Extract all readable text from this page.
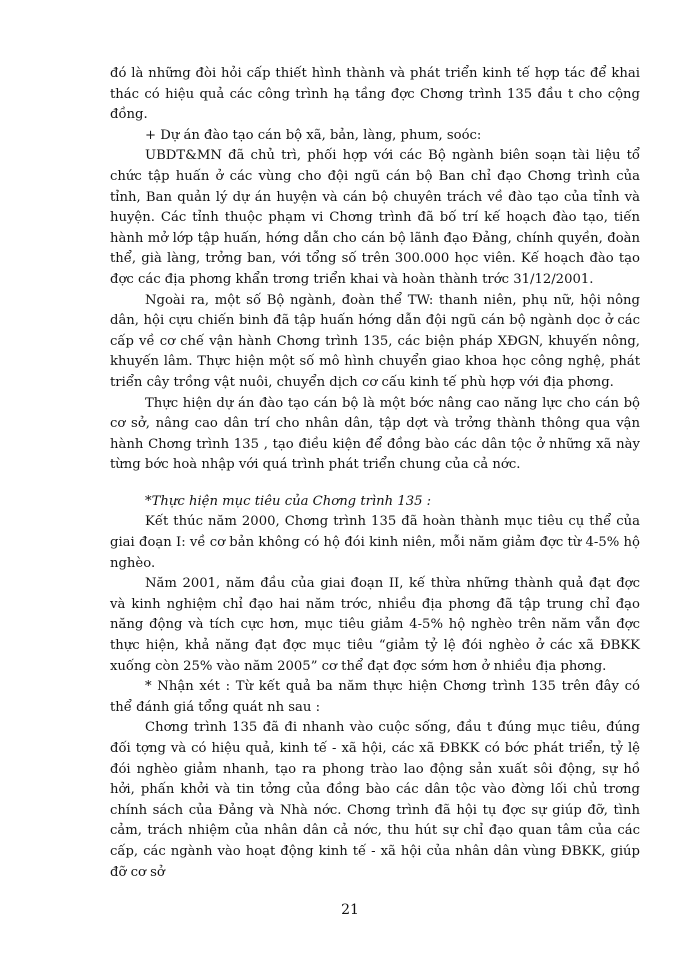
đó là những đòi hỏi cấp thiết hình thành và phát triển kinh tế hợp tác để khai thác có hiệu quả các công trình hạ tầng đợc Chơng trình 135 đầu t cho cộng đồng.

+ Dự án đào tạo cán bộ xã, bản, làng, phum, soóc:

UBDT&MN đã chủ trì, phối hợp với các Bộ ngành biên soạn tài liệu tổ chức tập huấn ở các vùng cho đội ngũ cán bộ Ban chỉ đạo Chơng trình của tỉnh, Ban quản lý dự án huyện và cán bộ chuyên trách về đào tạo của tỉnh và huyện. Các tỉnh thuộc phạm vi Chơng trình đã bố trí kế hoạch đào tạo, tiến hành mở lớp tập huấn, hớng dẫn cho cán bộ lãnh đạo Đảng, chính quyền, đoàn thể, già làng, trởng ban, với tổng số trên 300.000 học viên. Kế hoạch đào tạo đợc các địa phơng khẩn trơng triển khai và hoàn thành trớc 31/12/2001.

Ngoài ra, một số Bộ ngành, đoàn thể TW: thanh niên, phụ nữ, hội nông dân, hội cựu chiến binh đã tập huấn hớng dẫn đội ngũ cán bộ ngành dọc ở các cấp về cơ chế vận hành Chơng trình 135, các biện pháp XĐGN, khuyến nông, khuyến lâm. Thực hiện một số mô hình chuyển giao khoa học công nghệ, phát triển cây trồng vật nuôi, chuyển dịch cơ cấu kinh tế phù hợp với địa phơng.

Thực hiện dự án đào tạo cán bộ là một bớc nâng cao năng lực cho cán bộ cơ sở, nâng cao dân trí cho nhân dân, tập dợt và trởng thành thông qua vận hành Chơng trình 135 , tạo điều kiện để đồng bào các dân tộc ở những xã này từng bớc hoà nhập với quá trình phát triển chung của cả nớc.

*Thực hiện mục tiêu của Chơng trình 135 :

Kết thúc năm 2000, Chơng trình 135 đã hoàn thành mục tiêu cụ thể của giai đoạn I: về cơ bản không có hộ đói kinh niên, mỗi năm giảm đợc từ 4-5% hộ nghèo.

Năm 2001, năm đầu của giai đoạn II, kế thừa những thành quả đạt đợc và kinh nghiệm chỉ đạo hai năm trớc, nhiều địa phơng đã tập trung chỉ đạo năng động và tích cực hơn, mục tiêu giảm 4-5% hộ nghèo trên năm vẫn đợc thực hiện, khả năng đạt đợc mục tiêu “giảm tỷ lệ đói nghèo ở các xã ĐBKK xuống còn 25% vào năm 2005” cơ thể đạt đợc sớm hơn ở nhiều địa phơng.

* Nhận xét : Từ kết quả ba năm thực hiện Chơng trình 135 trên đây có thể đánh giá tổng quát nh sau :

Chơng trình 135 đã đi nhanh vào cuộc sống, đầu t đúng mục tiêu, đúng đối tợng và có hiệu quả, kinh tế - xã hội, các xã ĐBKK có bớc phát triển, tỷ lệ đói nghèo giảm nhanh, tạo ra phong trào lao động sản xuất sôi động, sự hồ hởi, phấn khởi và tin tởng của đồng bào các dân tộc vào đờng lối chủ trơng chính sách của Đảng và Nhà nớc. Chơng trình đã hội tụ đợc sự giúp đỡ, tình cảm, trách nhiệm của nhân dân cả nớc, thu hút sự chỉ đạo quan tâm của các cấp, các ngành vào hoạt động kinh tế - xã hội của nhân dân vùng ĐBKK, giúp đỡ cơ sở

21
